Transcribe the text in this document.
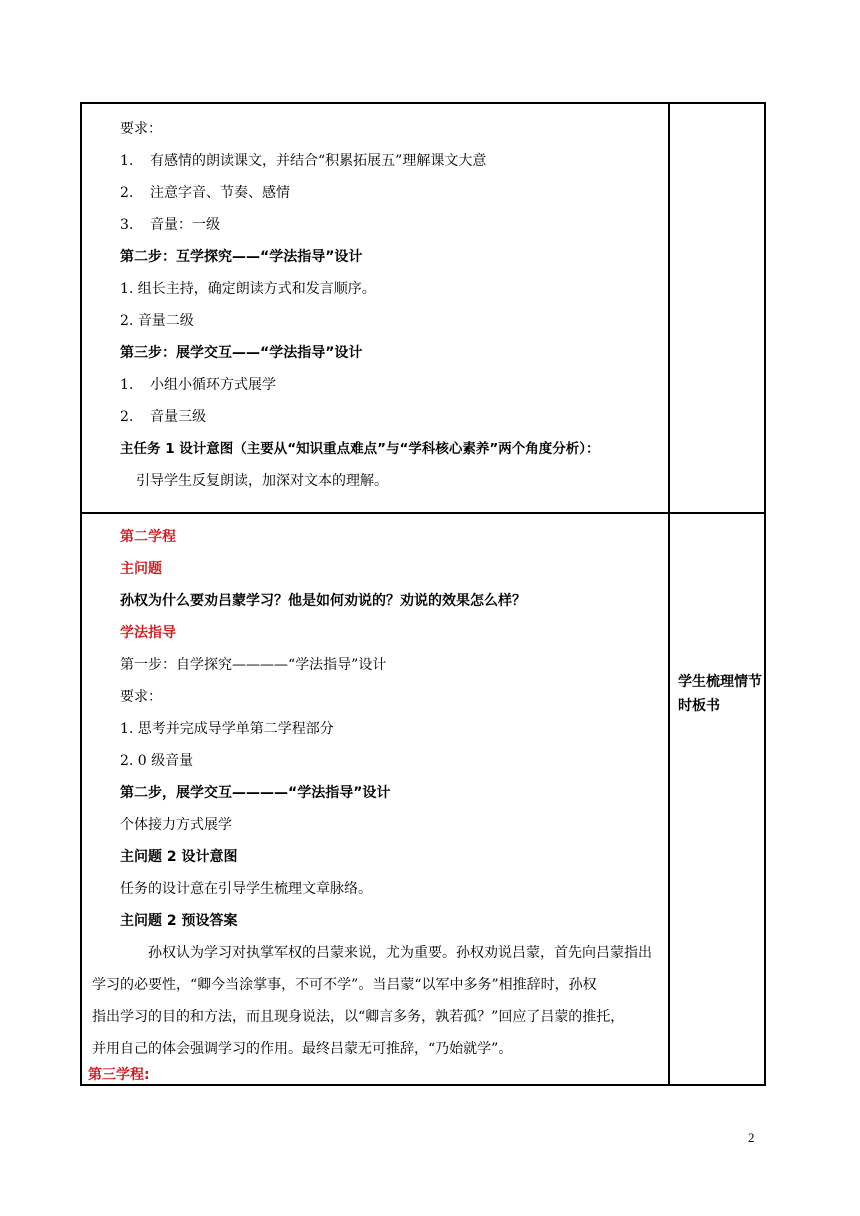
要求：
1. 有感情的朗读课文，并结合“积累拓展五”理解课文大意
2. 注意字音、节奏、感情
3. 音量：一级
第二步：互学探究——“学法指导”设计
1. 组长主持，确定朗读方式和发言顺序。
2. 音量二级
第三步：展学交互——“学法指导”设计
1. 小组小循环方式展学
2. 音量三级
主任务 1 设计意图（主要从“知识重点难点”与“学科核心素养”两个角度分析）：
引导学生反复朗读，加深对文本的理解。
第二学程
主问题
孙权为什么要劝吕蒙学习？他是如何劝说的？劝说的效果怎么样？
学法指导
第一步：自学探究————“学法指导”设计
要求：
1. 思考并完成导学单第二学程部分
2. 0 级音量
第二步，展学交互————“学法指导”设计
个体接力方式展学
主问题 2 设计意图
任务的设计意在引导学生梳理文章脉络。
主问题 2 预设答案
孙权认为学习对执掌军权的吕蒙来说，尤为重要。孙权劝说吕蒙，首先向吕蒙指出
学习的必要性，“卿今当涂掌事，不可不学”。当吕蒙“以军中多务”相推辞时，孙权
指出学习的目的和方法，而且现身说法，以“卿言多务，孰若孤？”回应了吕蒙的推托，
并用自己的体会强调学习的作用。最终吕蒙无可推辞，“乃始就学”。
第三学程:
学生梳理情节时板书
2
